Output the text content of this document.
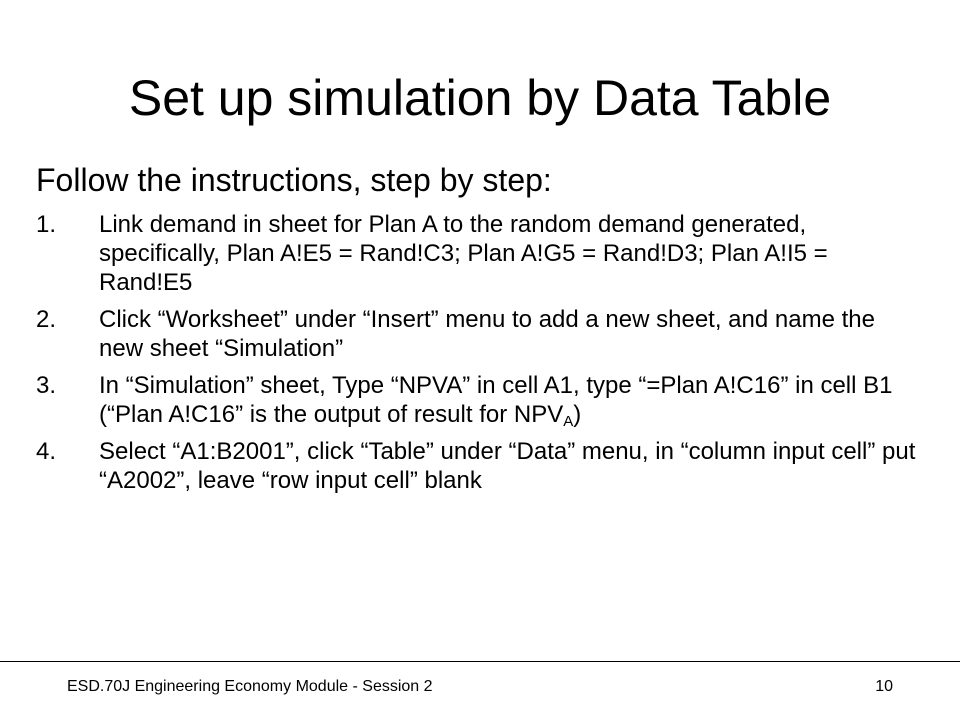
Set up simulation by Data Table
Follow the instructions, step by step:
1. Link demand in sheet for Plan A to the random demand generated, specifically, Plan A!E5 = Rand!C3; Plan A!G5 = Rand!D3; Plan A!I5 = Rand!E5
2. Click “Worksheet” under “Insert” menu to add a new sheet, and name the new sheet “Simulation”
3. In “Simulation” sheet, Type “NPVA” in cell A1, type “=Plan A!C16” in cell B1 (“Plan A!C16” is the output of result for $NPV_A$)
4. Select “A1:B2001”, click “Table” under “Data” menu, in “column input cell” put “A2002”, leave “row input cell” blank
ESD.70J Engineering Economy Module - Session 2	10
